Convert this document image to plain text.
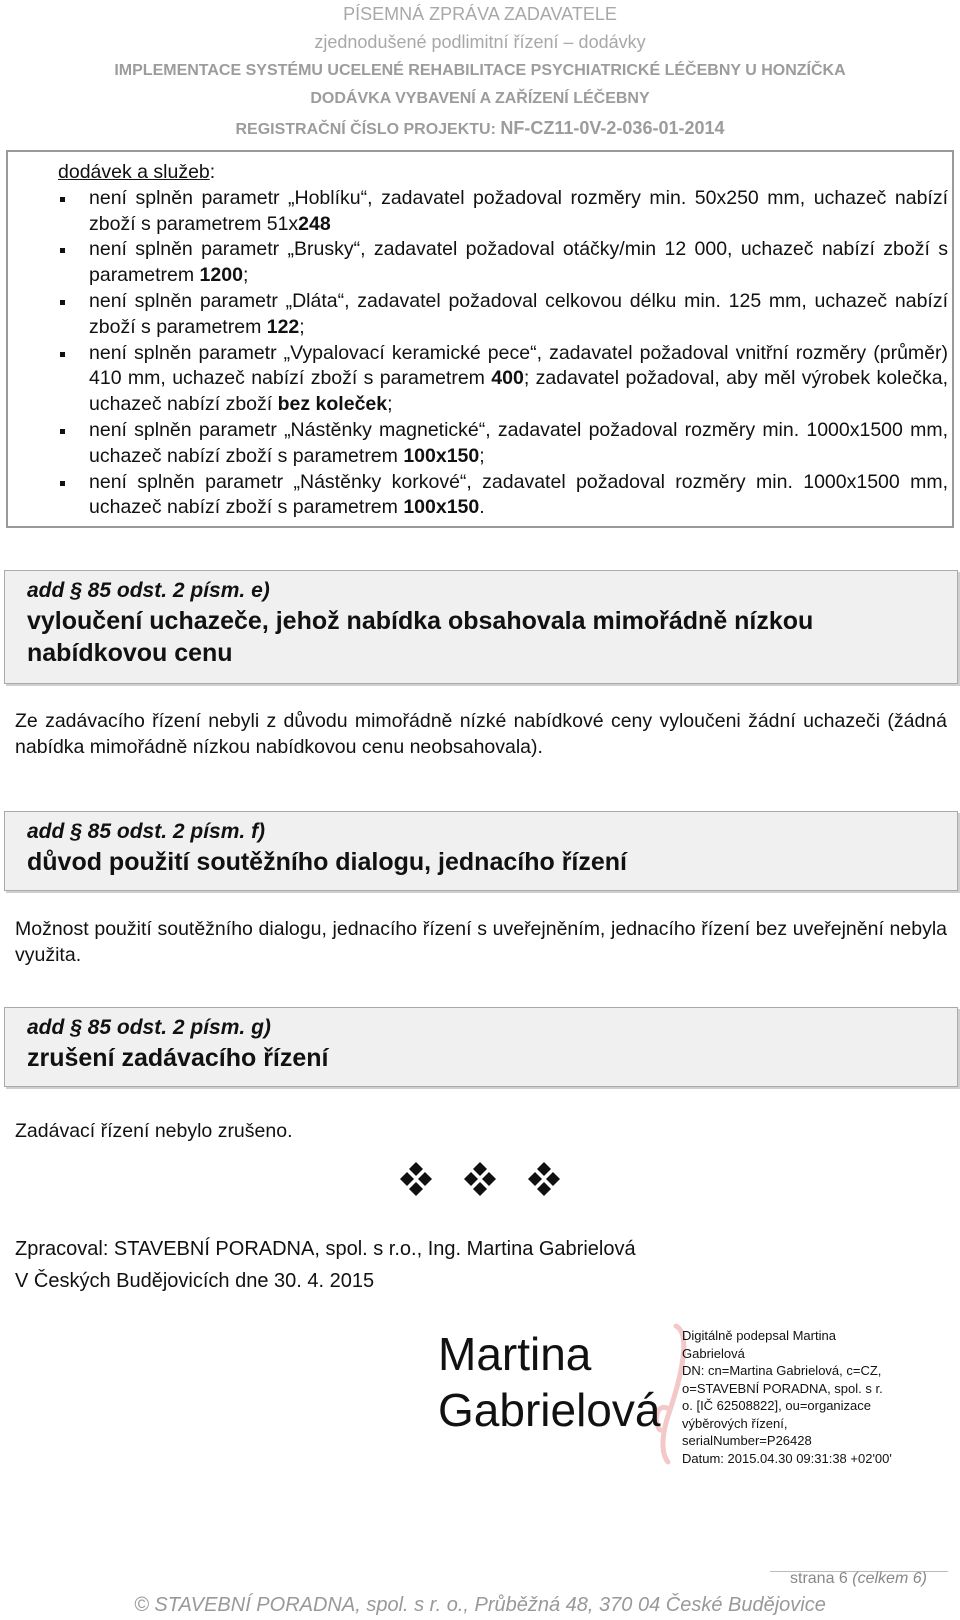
PÍSEMNÁ ZPRÁVA ZADAVATELE
zjednodušené podlimitní řízení – dodávky
IMPLEMENTACE SYSTÉMU UCELENÉ REHABILITACE PSYCHIATRICKÉ LÉČEBNY U HONZÍČKA
DODÁVKA VYBAVENÍ A ZAŘÍZENÍ LÉČEBNY
REGISTRAČNÍ ČÍSLO PROJEKTU: NF-CZ11-0V-2-036-01-2014
dodávek a služeb:
není splněn parametr „Hoblíku“, zadavatel požadoval rozměry min. 50x250 mm, uchazeč nabízí zboží s parametrem 51x248
není splněn parametr „Brusky“, zadavatel požadoval otáčky/min 12 000, uchazeč nabízí zboží s parametrem 1200;
není splněn parametr „Dláta“, zadavatel požadoval celkovou délku min. 125 mm, uchazeč nabízí zboží s parametrem 122;
není splněn parametr „Vypalovací keramické pece“, zadavatel požadoval vnitřní rozměry (průměr) 410 mm, uchazeč nabízí zboží s parametrem 400; zadavatel požadoval, aby měl výrobek kolečka, uchazeč nabízí zboží bez koleček;
není splněn parametr „Nástěnky magnetické“, zadavatel požadoval rozměry min. 1000x1500 mm, uchazeč nabízí zboží s parametrem 100x150;
není splněn parametr „Nástěnky korkové“, zadavatel požadoval rozměry min. 1000x1500 mm, uchazeč nabízí zboží s parametrem 100x150.
add § 85 odst. 2 písm. e)
vyloučení uchazeče, jehož nabídka obsahovala mimořádně nízkou nabídkovou cenu
Ze zadávacího řízení nebyli z důvodu mimořádně nízké nabídkové ceny vyloučeni žádní uchazeči (žádná nabídka mimořádně nízkou nabídkovou cenu neobsahovala).
add § 85 odst. 2 písm. f)
důvod použití soutěžního dialogu, jednacího řízení
Možnost použití soutěžního dialogu, jednacího řízení s uveřejněním, jednacího řízení bez uveřejnění nebyla využita.
add § 85 odst. 2 písm. g)
zrušení zadávacího řízení
Zadávací řízení nebylo zrušeno.
Zpracoval: STAVEBNÍ PORADNA, spol. s r.o., Ing. Martina Gabrielová
V Českých Budějovicích dne 30. 4. 2015
Martina
Gabrielová
Digitálně podepsal Martina
Gabrielová
DN: cn=Martina Gabrielová, c=CZ,
o=STAVEBNÍ PORADNA, spol. s r.
o. [IČ 62508822], ou=organizace
výběrových řízení,
serialNumber=P26428
Datum: 2015.04.30 09:31:38 +02'00'
strana 6 (celkem 6)
© STAVEBNÍ PORADNA, spol. s r. o., Průběžná 48, 370 04 České Budějovice
